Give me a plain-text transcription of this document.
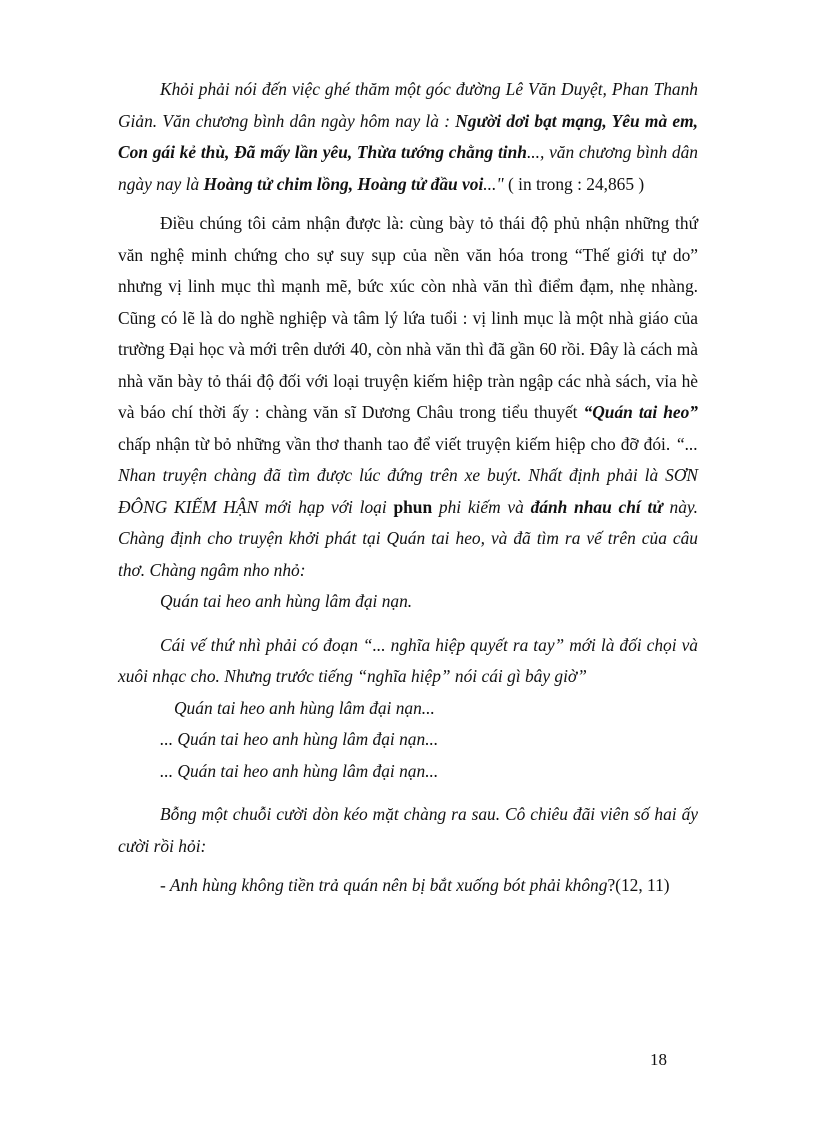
Khỏi phải nói đến việc ghé thăm một góc đường Lê Văn Duyệt, Phan Thanh Giản. Văn chương bình dân ngày hôm nay là : Người dơi bạt mạng, Yêu mà em, Con gái kẻ thù, Đã mấy lần yêu, Thừa tướng chằng tinh..., văn chương bình dân ngày nay là Hoàng tử chim lồng, Hoàng tử đầu voi..." ( in trong : 24,865 )

Điều chúng tôi cảm nhận được là: cùng bày tỏ thái độ phủ nhận những thứ văn nghệ minh chứng cho sự suy sụp của nền văn hóa trong “Thế giới tự do” nhưng vị linh mục thì mạnh mẽ, bức xúc còn nhà văn thì điểm đạm, nhẹ nhàng. Cũng có lẽ là do nghề nghiệp và tâm lý lứa tuổi : vị linh mục là một nhà giáo của trường Đại học và mới trên dưới 40, còn nhà văn thì đã gần 60 rồi. Đây là cách mà nhà văn bày tỏ thái độ đối với loại truyện kiếm hiệp tràn ngập các nhà sách, vỉa hè và báo chí thời ấy : chàng văn sĩ Dương Châu trong tiểu thuyết “Quán tai heo” chấp nhận từ bỏ những vần thơ thanh tao để viết truyện kiếm hiệp cho đỡ đói. “... Nhan truyện chàng đã tìm được lúc đứng trên xe buýt. Nhất định phải là SƠN ĐÔNG KIẾM HẬN mới hạp với loại phun phi kiếm và đánh nhau chí tử này. Chàng định cho truyện khởi phát tại Quán tai heo, và đã tìm ra vế trên của câu thơ. Chàng ngâm nho nhỏ:

Quán tai heo anh hùng lâm đại nạn.

Cái vế thứ nhì phải có đoạn “... nghĩa hiệp quyết ra tay” mới là đối chọi và xuôi nhạc cho. Nhưng trước tiếng “nghĩa hiệp” nói cái gì bây giờ”

Quán tai heo anh hùng lâm đại nạn...

... Quán tai heo anh hùng lâm đại nạn...

... Quán tai heo anh hùng lâm đại nạn...

Bỗng một chuỗi cười dòn kéo mặt chàng ra sau. Cô chiêu đãi viên số hai ấy cười rồi hỏi:

- Anh hùng không tiền trả quán nên bị bắt xuống bót phải không?(12, 11)

18
